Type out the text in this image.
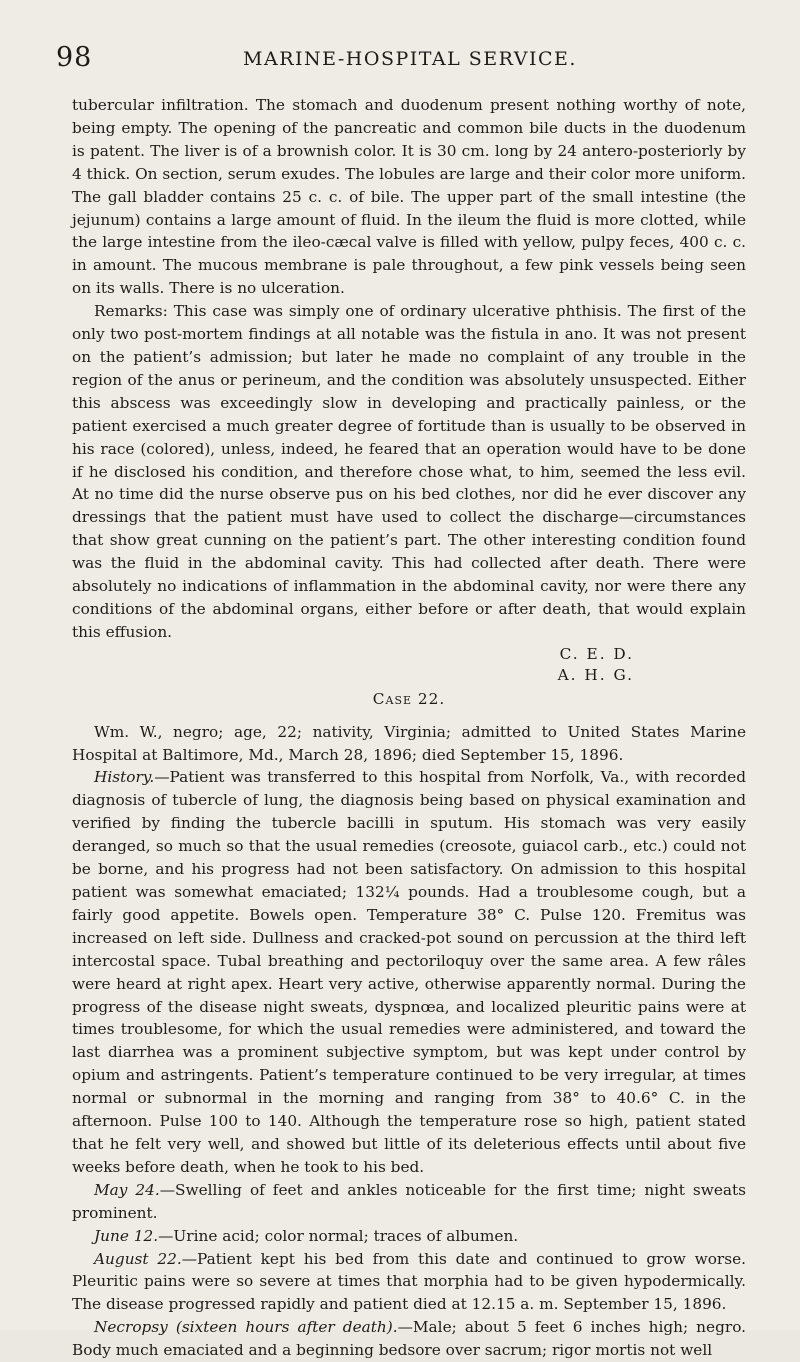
98	MARINE-HOSPITAL SERVICE.

tubercular infiltration. The stomach and duodenum present nothing worthy of note, being empty. The opening of the pancreatic and common bile ducts in the duodenum is patent. The liver is of a brownish color. It is 30 cm. long by 24 antero-posteriorly by 4 thick. On section, serum exudes. The lobules are large and their color more uniform. The gall bladder contains 25 c. c. of bile. The upper part of the small intestine (the jejunum) contains a large amount of fluid. In the ileum the fluid is more clotted, while the large intestine from the ileo-cæcal valve is filled with yellow, pulpy feces, 400 c. c. in amount. The mucous membrane is pale throughout, a few pink vessels being seen on its walls. There is no ulceration.

Remarks: This case was simply one of ordinary ulcerative phthisis. The first of the only two post-mortem findings at all notable was the fistula in ano. It was not present on the patient’s admission; but later he made no complaint of any trouble in the region of the anus or perineum, and the condition was absolutely unsuspected. Either this abscess was exceedingly slow in developing and practically painless, or the patient exercised a much greater degree of fortitude than is usually to be observed in his race (colored), unless, indeed, he feared that an operation would have to be done if he disclosed his condition, and therefore chose what, to him, seemed the less evil. At no time did the nurse observe pus on his bed clothes, nor did he ever discover any dressings that the patient must have used to collect the discharge—circumstances that show great cunning on the patient’s part. The other interesting condition found was the fluid in the abdominal cavity. This had collected after death. There were absolutely no indications of inflammation in the abdominal cavity, nor were there any conditions of the abdominal organs, either before or after death, that would explain this effusion.

C. E. D.
A. H. G.
Case 22.

Wm. W., negro; age, 22; nativity, Virginia; admitted to United States Marine Hospital at Baltimore, Md., March 28, 1896; died September 15, 1896.

History.—Patient was transferred to this hospital from Norfolk, Va., with recorded diagnosis of tubercle of lung, the diagnosis being based on physical examination and verified by finding the tubercle bacilli in sputum. His stomach was very easily deranged, so much so that the usual remedies (creosote, guiacol carb., etc.) could not be borne, and his progress had not been satisfactory. On admission to this hospital patient was somewhat emaciated; 132¼ pounds. Had a troublesome cough, but a fairly good appetite. Bowels open. Temperature 38° C. Pulse 120. Fremitus was increased on left side. Dullness and cracked-pot sound on percussion at the third left intercostal space. Tubal breathing and pectoriloquy over the same area. A few râles were heard at right apex. Heart very active, otherwise apparently normal. During the progress of the disease night sweats, dyspnœa, and localized pleuritic pains were at times troublesome, for which the usual remedies were administered, and toward the last diarrhea was a prominent subjective symptom, but was kept under control by opium and astringents. Patient’s temperature continued to be very irregular, at times normal or subnormal in the morning and ranging from 38° to 40.6° C. in the afternoon. Pulse 100 to 140. Although the temperature rose so high, patient stated that he felt very well, and showed but little of its deleterious effects until about five weeks before death, when he took to his bed.

May 24.—Swelling of feet and ankles noticeable for the first time; night sweats prominent.

June 12.—Urine acid; color normal; traces of albumen.

August 22.—Patient kept his bed from this date and continued to grow worse. Pleuritic pains were so severe at times that morphia had to be given hypodermically. The disease progressed rapidly and patient died at 12.15 a. m. September 15, 1896.

Necropsy (sixteen hours after death).—Male; about 5 feet 6 inches high; negro. Body much emaciated and a beginning bedsore over sacrum; rigor mortis not well
